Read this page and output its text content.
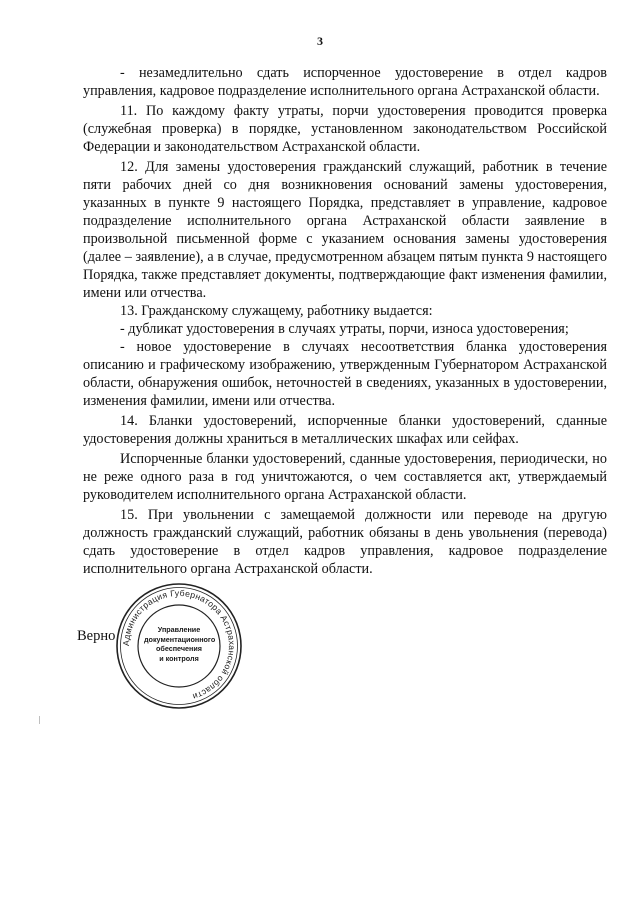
3

- незамедлительно сдать испорченное удостоверение в отдел кадров управления, кадровое подразделение исполнительного органа Астраханской области.

11. По каждому факту утраты, порчи удостоверения проводится проверка (служебная проверка) в порядке, установленном законодательством Российской Федерации и законодательством Астраханской области.

12. Для замены удостоверения гражданский служащий, работник в течение пяти рабочих дней со дня возникновения оснований замены удостоверения, указанных в пункте 9 настоящего Порядка, представляет в управление, кадровое подразделение исполнительного органа Астраханской области заявление в произвольной письменной форме с указанием основания замены удостоверения (далее – заявление), а в случае, предусмотренном абзацем пятым пункта 9 настоящего Порядка, также представляет документы, подтверждающие факт изменения фамилии, имени или отчества.

13. Гражданскому служащему, работнику выдается:

- дубликат удостоверения в случаях утраты, порчи, износа удостоверения;

- новое удостоверение в случаях несоответствия бланка удостоверения описанию и графическому изображению, утвержденным Губернатором Астраханской области, обнаружения ошибок, неточностей в сведениях, указанных в удостоверении, изменения фамилии, имени или отчества.

14. Бланки удостоверений, испорченные бланки удостоверений, сданные удостоверения должны храниться в металлических шкафах или сейфах.

Испорченные бланки удостоверений, сданные удостоверения, периодически, но не реже одного раза в год уничтожаются, о чем составляется акт, утверждаемый руководителем исполнительного органа Астраханской области.

15. При увольнении с замещаемой должности или переводе на другую должность гражданский служащий, работник обязаны в день увольнения (перевода) сдать удостоверение в отдел кадров управления, кадровое подразделение исполнительного органа Астраханской области.

Верно Администрация Губернатора Астраханской области
Управление
документационного
обеспечения
и контроля
